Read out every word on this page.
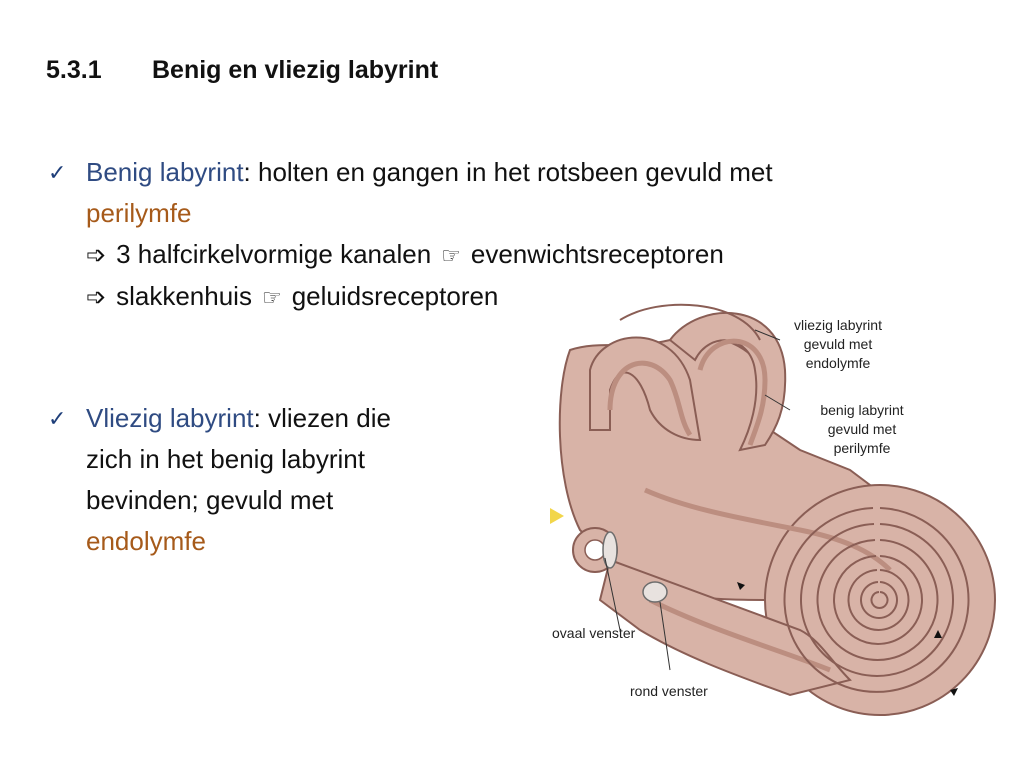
5.3.1 Benig en vliezig labyrint
✓ Benig labyrint: holten en gangen in het rotsbeen gevuld met
perilymfe
➩ 3 halfcirkelvormige kanalen ☞ evenwichtsreceptoren
➩ slakkenhuis ☞ geluidsreceptoren
✓ Vliezig labyrint: vliezen die
zich in het benig labyrint
bevinden; gevuld met
endolymfe
vliezig labyrint
gevuld met
endolymfe
benig labyrint
gevuld met
perilymfe
ovaal venster
rond venster
